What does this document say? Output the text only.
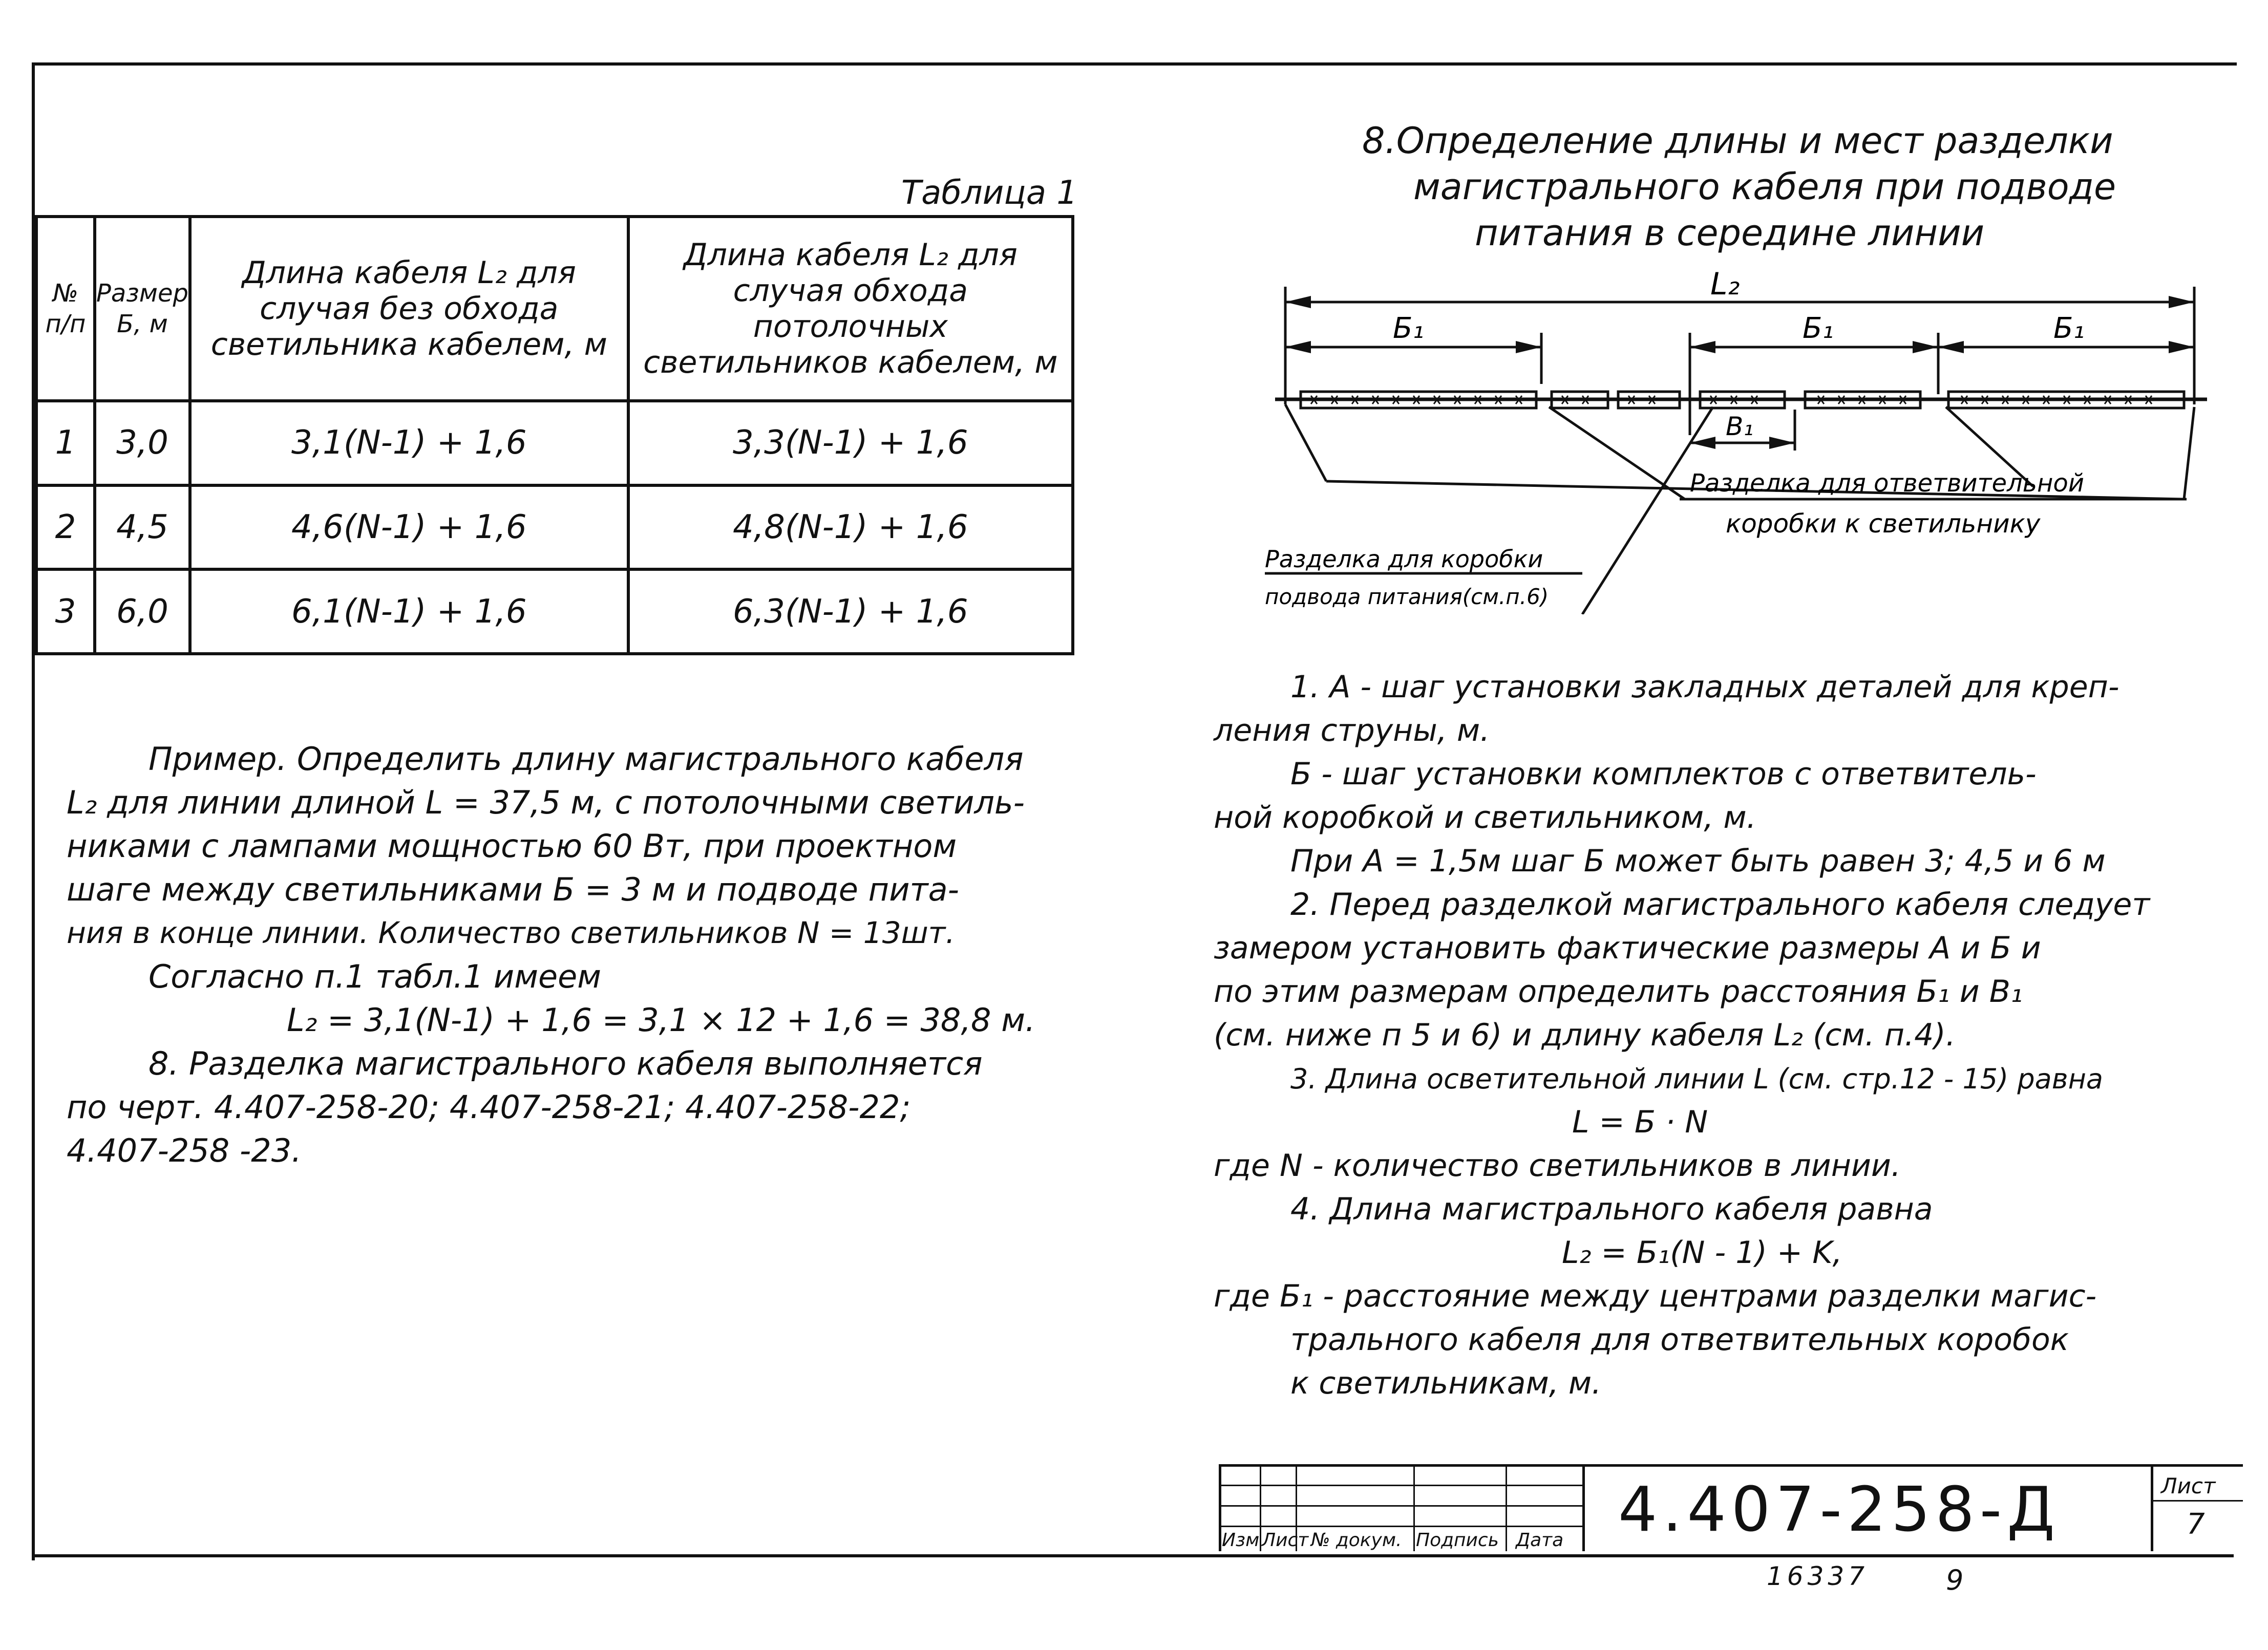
Таблица 1
№ п/п	Размер Б, м	Длина кабеля L₂ для случая без обхода светильника кабелем, м	Длина кабеля L₂ для случая обхода потолочных светильников кабелем, м
1	3,0	3,1(N-1) + 1,6	3,3(N-1) + 1,6
2	4,5	4,6(N-1) + 1,6	4,8(N-1) + 1,6
3	6,0	6,1(N-1) + 1,6	6,3(N-1) + 1,6
Пример. Определить длину магистрального кабеля
L₂ для линии длиной L = 37,5 м, с потолочными светиль-
никами с лампами мощностью 60 Вт, при проектном
шаге между светильниками Б = 3 м и подводе пита-
ния в конце линии. Количество светильников N = 13шт.
Согласно п.1 табл.1 имеем
L₂ = 3,1(N-1) + 1,6 = 3,1 × 12 + 1,6 = 38,8 м.
8. Разделка магистрального кабеля выполняется
по черт. 4.407-258-20; 4.407-258-21; 4.407-258-22;
4.407-258 -23.
8.Определение длины и мест разделки
магистрального кабеля при подводе
питания в середине линии
L₂
Б₁	Б₁	Б₁
В₁
Разделка для ответвительной
коробки к светильнику
Разделка для коробки
подвода питания(см.п.6)
1. А - шаг установки закладных деталей для креп-
ления струны, м.
Б - шаг установки комплектов с ответвитель-
ной коробкой и светильником, м.
При А = 1,5м шаг Б может быть равен 3; 4,5 и 6 м
2. Перед разделкой магистрального кабеля следует
замером установить фактические размеры А и Б и
по этим размерам определить расстояния Б₁ и В₁
(см. ниже п 5 и 6) и длину кабеля L₂ (см. п.4).
3. Длина осветительной линии L (см. стр.12 - 15) равна
L = Б · N
где N - количество светильников в линии.
4. Длина магистрального кабеля равна
L₂ = Б₁(N - 1) + K,
где Б₁ - расстояние между центрами разделки магис-
трального кабеля для ответвительных коробок
к светильникам, м.
Изм Лист № докум. Подпись Дата 4.407-258-Д	Лист
7
16337	9
